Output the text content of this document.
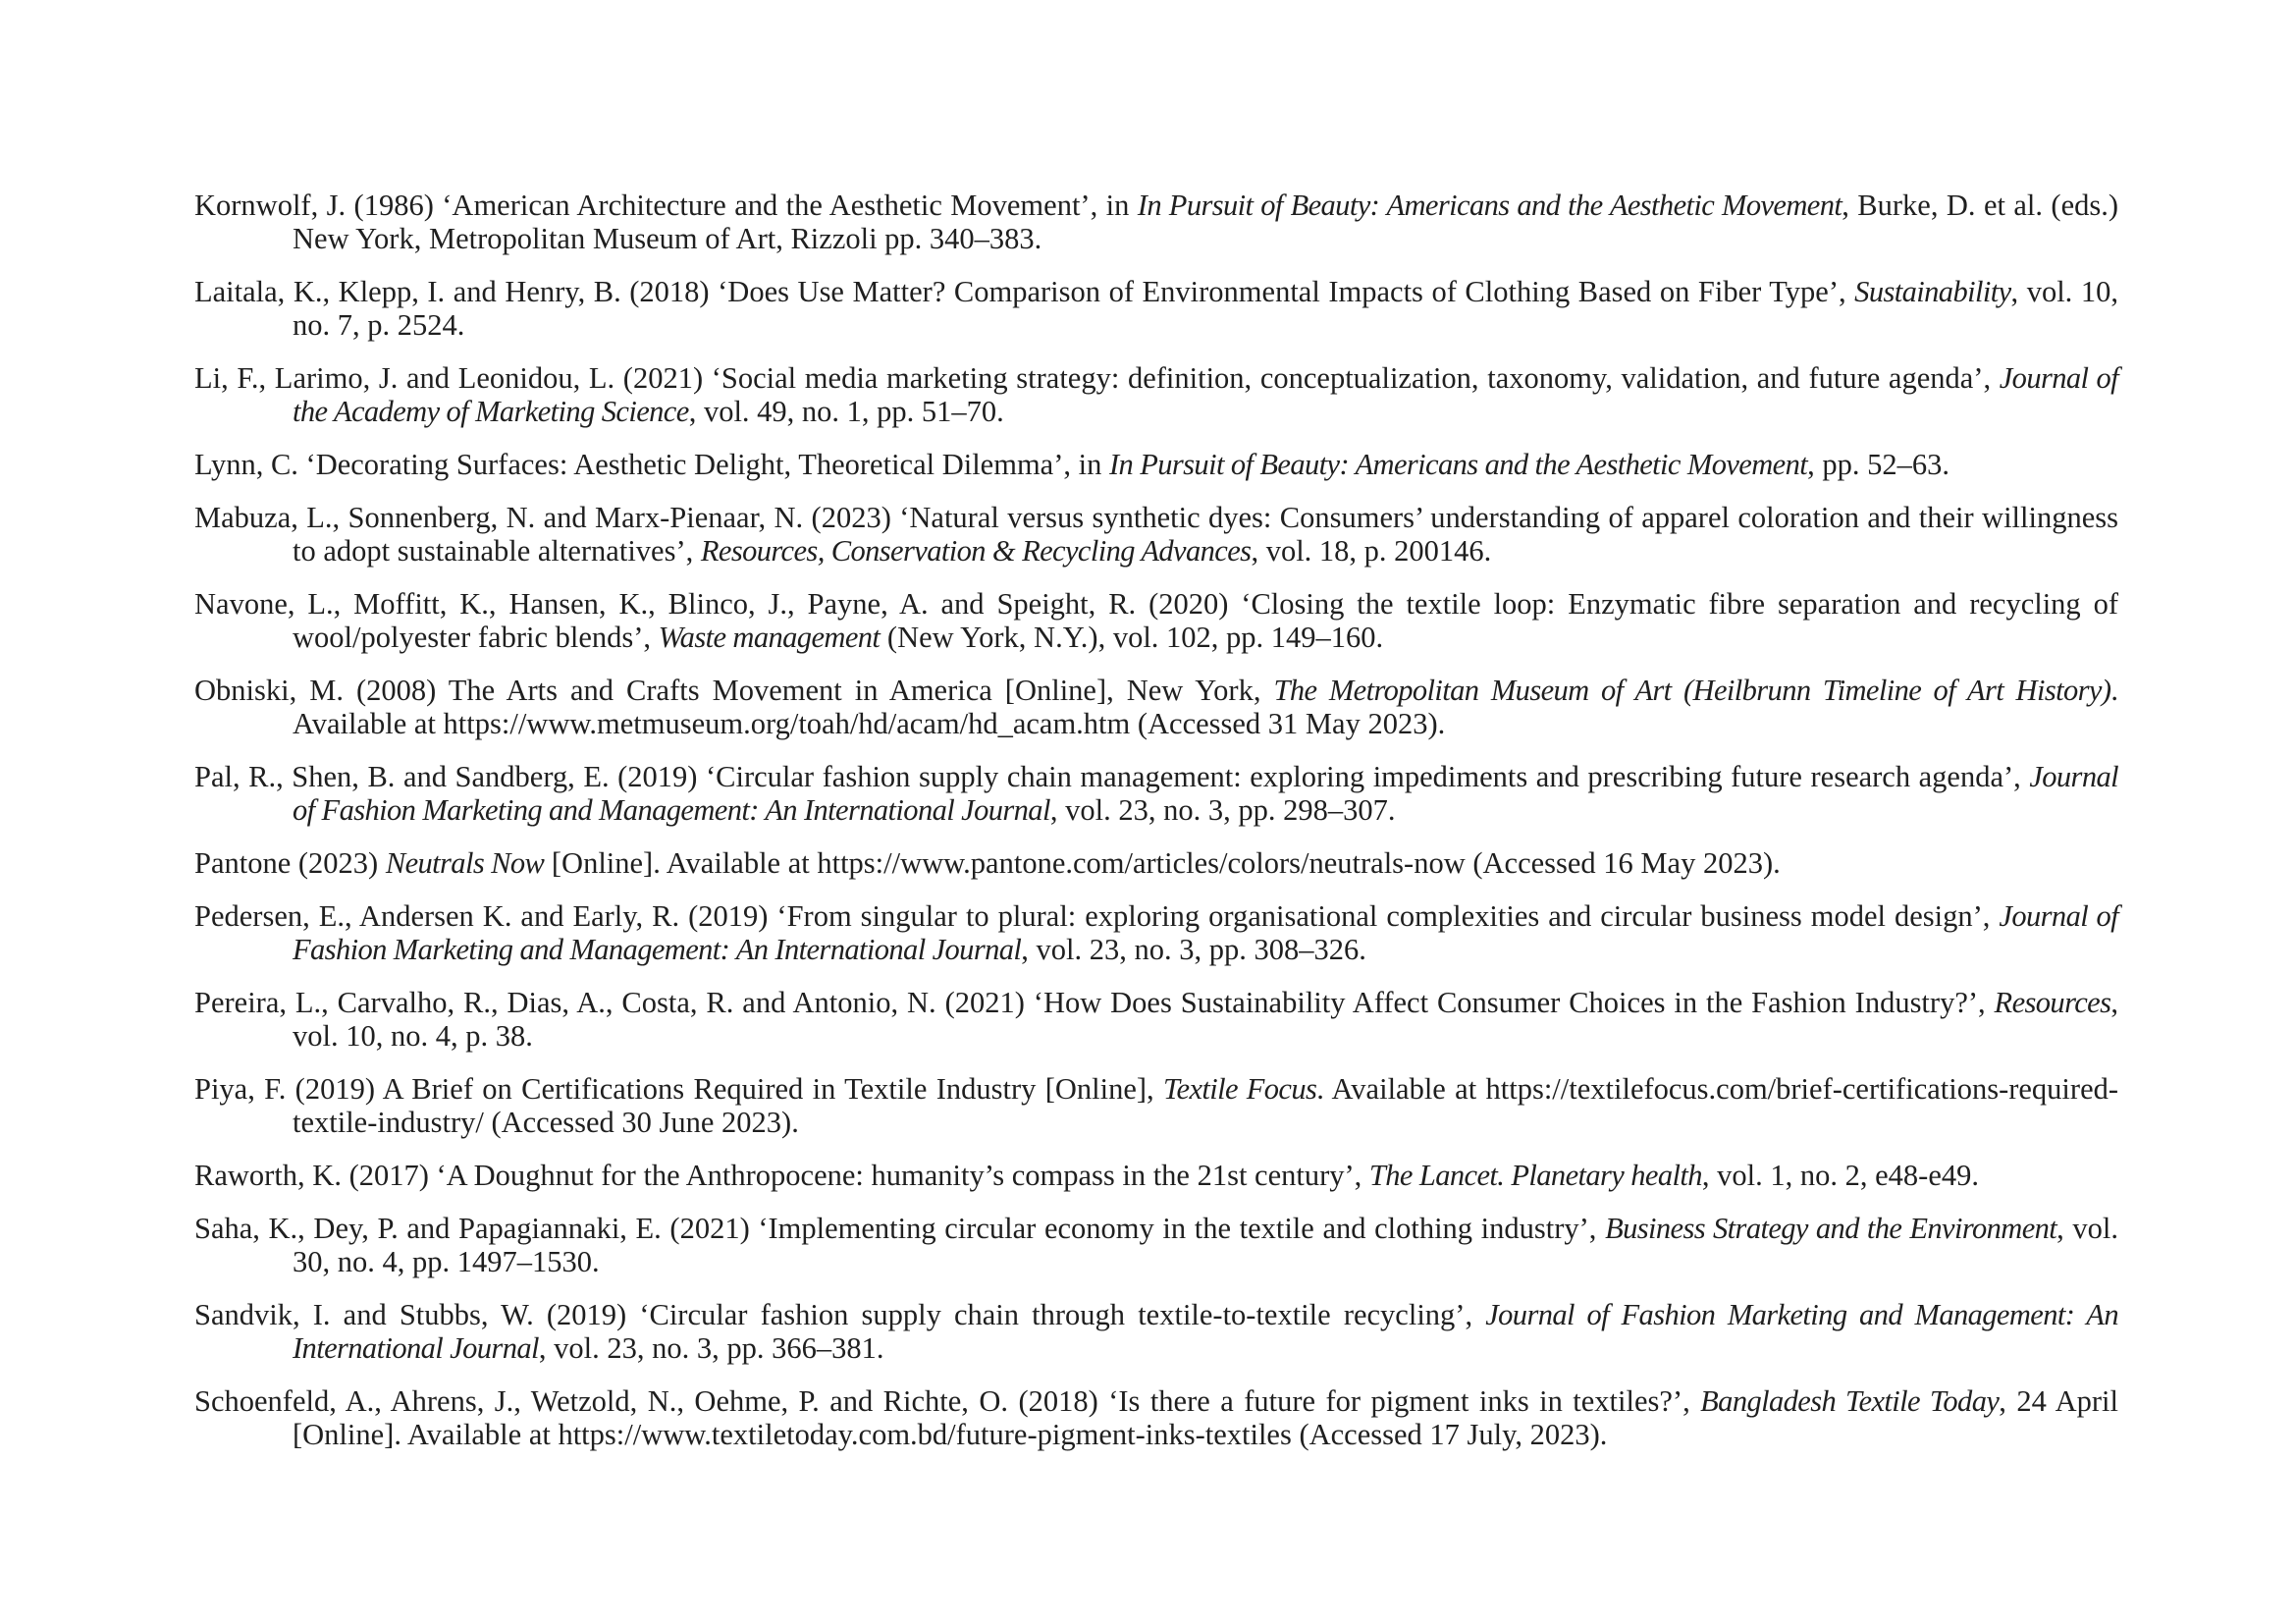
Kornwolf, J. (1986) ‘American Architecture and the Aesthetic Movement’, in In Pursuit of Beauty: Americans and the Aesthetic Movement, Burke, D. et al. (eds.) New York, Metropolitan Museum of Art, Rizzoli pp. 340–383.

Laitala, K., Klepp, I. and Henry, B. (2018) ‘Does Use Matter? Comparison of Environmental Impacts of Clothing Based on Fiber Type’, Sustainability, vol. 10, no. 7, p. 2524.

Li, F., Larimo, J. and Leonidou, L. (2021) ‘Social media marketing strategy: definition, conceptualization, taxonomy, validation, and future agenda’, Journal of the Academy of Marketing Science, vol. 49, no. 1, pp. 51–70.

Lynn, C. ‘Decorating Surfaces: Aesthetic Delight, Theoretical Dilemma’, in In Pursuit of Beauty: Americans and the Aesthetic Movement, pp. 52–63.

Mabuza, L., Sonnenberg, N. and Marx-Pienaar, N. (2023) ‘Natural versus synthetic dyes: Consumers’ understanding of apparel coloration and their willingness to adopt sustainable alternatives’, Resources, Conservation & Recycling Advances, vol. 18, p. 200146.

Navone, L., Moffitt, K., Hansen, K., Blinco, J., Payne, A. and Speight, R. (2020) ‘Closing the textile loop: Enzymatic fibre separation and recycling of wool/polyester fabric blends’, Waste management (New York, N.Y.), vol. 102, pp. 149–160.

Obniski, M. (2008) The Arts and Crafts Movement in America [Online], New York, The Metropolitan Museum of Art (Heilbrunn Timeline of Art History). Available at https://www.metmuseum.org/toah/hd/acam/hd_acam.htm (Accessed 31 May 2023).

Pal, R., Shen, B. and Sandberg, E. (2019) ‘Circular fashion supply chain management: exploring impediments and prescribing future research agenda’, Journal of Fashion Marketing and Management: An International Journal, vol. 23, no. 3, pp. 298–307.

Pantone (2023) Neutrals Now [Online]. Available at https://www.pantone.com/articles/colors/neutrals-now (Accessed 16 May 2023).

Pedersen, E., Andersen K. and Early, R. (2019) ‘From singular to plural: exploring organisational complexities and circular business model design’, Journal of Fashion Marketing and Management: An International Journal, vol. 23, no. 3, pp. 308–326.

Pereira, L., Carvalho, R., Dias, A., Costa, R. and Antonio, N. (2021) ‘How Does Sustainability Affect Consumer Choices in the Fashion Industry?’, Resources, vol. 10, no. 4, p. 38.

Piya, F. (2019) A Brief on Certifications Required in Textile Industry [Online], Textile Focus. Available at https://textilefocus.com/brief-certifications-required-textile-industry/ (Accessed 30 June 2023).

Raworth, K. (2017) ‘A Doughnut for the Anthropocene: humanity’s compass in the 21st century’, The Lancet. Planetary health, vol. 1, no. 2, e48-e49.

Saha, K., Dey, P. and Papagiannaki, E. (2021) ‘Implementing circular economy in the textile and clothing industry’, Business Strategy and the Environment, vol. 30, no. 4, pp. 1497–1530.

Sandvik, I. and Stubbs, W. (2019) ‘Circular fashion supply chain through textile-to-textile recycling’, Journal of Fashion Marketing and Management: An International Journal, vol. 23, no. 3, pp. 366–381.

Schoenfeld, A., Ahrens, J., Wetzold, N., Oehme, P. and Richte, O. (2018) ‘Is there a future for pigment inks in textiles?’, Bangladesh Textile Today, 24 April [Online]. Available at https://www.textiletoday.com.bd/future-pigment-inks-textiles (Accessed 17 July, 2023).
